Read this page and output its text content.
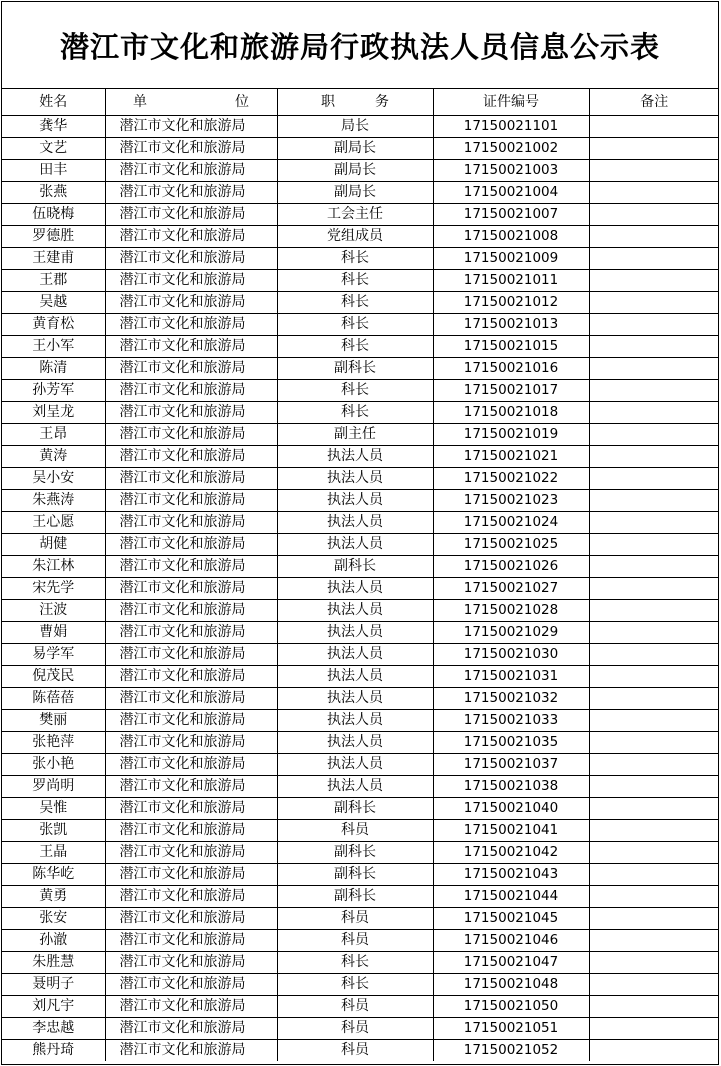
潜江市文化和旅游局行政执法人员信息公示表
姓名	单 位	职 务	证件编号	备注
龚华	潜江市文化和旅游局	局长	17150021101	
文艺	潜江市文化和旅游局	副局长	17150021002	
田丰	潜江市文化和旅游局	副局长	17150021003	
张燕	潜江市文化和旅游局	副局长	17150021004	
伍晓梅	潜江市文化和旅游局	工会主任	17150021007	
罗德胜	潜江市文化和旅游局	党组成员	17150021008	
王建甫	潜江市文化和旅游局	科长	17150021009	
王郡	潜江市文化和旅游局	科长	17150021011	
吴越	潜江市文化和旅游局	科长	17150021012	
黄育松	潜江市文化和旅游局	科长	17150021013	
王小军	潜江市文化和旅游局	科长	17150021015	
陈清	潜江市文化和旅游局	副科长	17150021016	
孙芳军	潜江市文化和旅游局	科长	17150021017	
刘呈龙	潜江市文化和旅游局	科长	17150021018	
王昂	潜江市文化和旅游局	副主任	17150021019	
黄涛	潜江市文化和旅游局	执法人员	17150021021	
吴小安	潜江市文化和旅游局	执法人员	17150021022	
朱燕涛	潜江市文化和旅游局	执法人员	17150021023	
王心愿	潜江市文化和旅游局	执法人员	17150021024	
胡健	潜江市文化和旅游局	执法人员	17150021025	
朱江林	潜江市文化和旅游局	副科长	17150021026	
宋先学	潜江市文化和旅游局	执法人员	17150021027	
汪波	潜江市文化和旅游局	执法人员	17150021028	
曹娟	潜江市文化和旅游局	执法人员	17150021029	
易学军	潜江市文化和旅游局	执法人员	17150021030	
倪茂民	潜江市文化和旅游局	执法人员	17150021031	
陈蓓蓓	潜江市文化和旅游局	执法人员	17150021032	
樊丽	潜江市文化和旅游局	执法人员	17150021033	
张艳萍	潜江市文化和旅游局	执法人员	17150021035	
张小艳	潜江市文化和旅游局	执法人员	17150021037	
罗尚明	潜江市文化和旅游局	执法人员	17150021038	
吴惟	潜江市文化和旅游局	副科长	17150021040	
张凯	潜江市文化和旅游局	科员	17150021041	
王晶	潜江市文化和旅游局	副科长	17150021042	
陈华屹	潜江市文化和旅游局	副科长	17150021043	
黄勇	潜江市文化和旅游局	副科长	17150021044	
张安	潜江市文化和旅游局	科员	17150021045	
孙澈	潜江市文化和旅游局	科员	17150021046	
朱胜慧	潜江市文化和旅游局	科长	17150021047	
聂明子	潜江市文化和旅游局	科长	17150021048	
刘凡宇	潜江市文化和旅游局	科员	17150021050	
李忠越	潜江市文化和旅游局	科员	17150021051	
熊丹琦	潜江市文化和旅游局	科员	17150021052	
